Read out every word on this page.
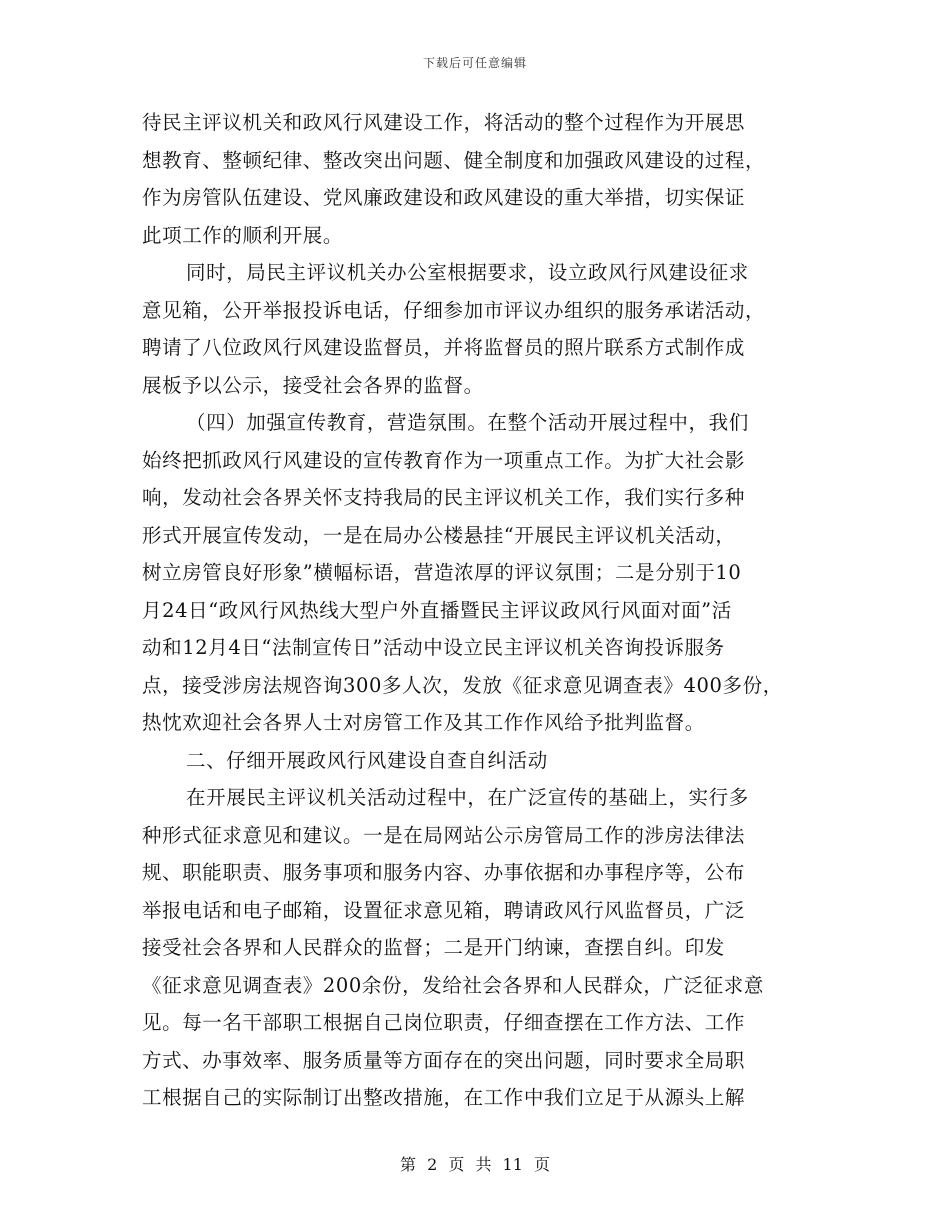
下载后可任意编辑
待民主评议机关和政风行风建设工作，将活动的整个过程作为开展思
想教育、整顿纪律、整改突出问题、健全制度和加强政风建设的过程，
作为房管队伍建设、党风廉政建设和政风建设的重大举措，切实保证
此项工作的顺利开展。
同时，局民主评议机关办公室根据要求，设立政风行风建设征求
意见箱，公开举报投诉电话，仔细参加市评议办组织的服务承诺活动，
聘请了八位政风行风建设监督员，并将监督员的照片联系方式制作成
展板予以公示，接受社会各界的监督。
（四）加强宣传教育，营造氛围。在整个活动开展过程中，我们
始终把抓政风行风建设的宣传教育作为一项重点工作。为扩大社会影
响，发动社会各界关怀支持我局的民主评议机关工作，我们实行多种
形式开展宣传发动，一是在局办公楼悬挂“开展民主评议机关活动，
树立房管良好形象”横幅标语，营造浓厚的评议氛围；二是分别于10
月24日“政风行风热线大型户外直播暨民主评议政风行风面对面”活
动和12月4日“法制宣传日”活动中设立民主评议机关咨询投诉服务
点，接受涉房法规咨询300多人次，发放《征求意见调查表》400多份，
热忱欢迎社会各界人士对房管工作及其工作作风给予批判监督。
二、仔细开展政风行风建设自查自纠活动
在开展民主评议机关活动过程中，在广泛宣传的基础上，实行多
种形式征求意见和建议。一是在局网站公示房管局工作的涉房法律法
规、职能职责、服务事项和服务内容、办事依据和办事程序等，公布
举报电话和电子邮箱，设置征求意见箱，聘请政风行风监督员，广泛
接受社会各界和人民群众的监督；二是开门纳谏，查摆自纠。印发
《征求意见调查表》200余份，发给社会各界和人民群众，广泛征求意
见。每一名干部职工根据自己岗位职责，仔细查摆在工作方法、工作
方式、办事效率、服务质量等方面存在的突出问题，同时要求全局职
工根据自己的实际制订出整改措施，在工作中我们立足于从源头上解
第 2 页 共 11 页
